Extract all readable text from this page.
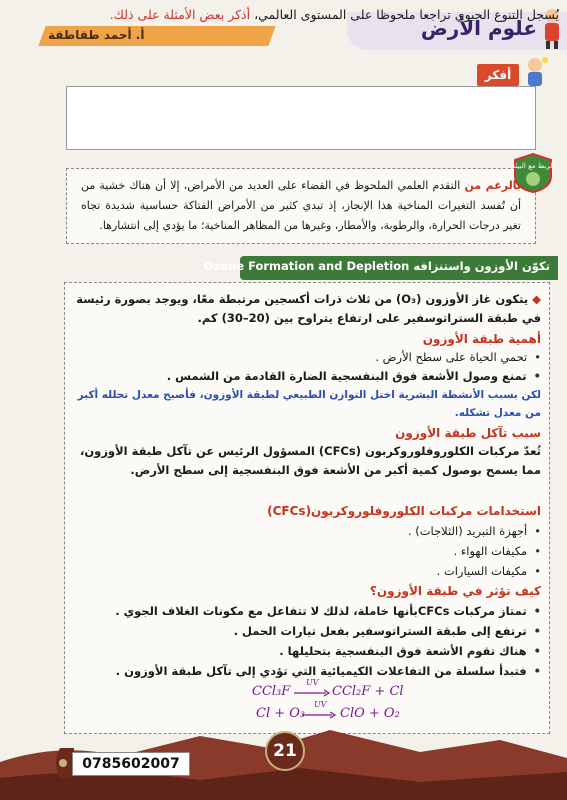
أ. أحمد طقاطقة	علوم الأرض
أفكر
يُسجل التنوع الحيوي تراجعا ملحوظا على المستوى العالمي، أذكر بعض الأمثلة على ذلك.
الربط مع البيئة
بالرغم من التقدم العلمي الملحوظ في القضاء على العديد من الأمراض، إلا أن هناك خشية من أن تُفسد التغيرات المناخية هذا الإنجاز، إذ تبدي كثير من الأمراض الفتاكة حساسية شديدة تجاه تغير درجات الحرارة، والرطوبة، والأمطار، وغيرها من المظاهر المناخية؛ ما يؤدي إلى انتشارها.
تكوّن الأوزون واستنزافه Ozone Formation and Depletion
◆ يتكون غاز الأوزون (O₃) من ثلاث ذرات أكسجين مرتبطة معًا، ويوجد بصورة رئيسة في طبقة الستراتوسفير على ارتفاع يتراوح بين (20–30) كم.
أهمية طبقة الأوزون
• تحمي الحياة على سطح الأرض .
• تمنع وصول الأشعة فوق البنفسجية الضارة القادمة من الشمس .
لكن بسبب الأنشطة البشرية اختل التوازن الطبيعي لطبقة الأوزون، فأصبح معدل تحلله أكبر من معدل تشكله.
سبب تآكل طبقة الأوزون
تُعدّ مركبات الكلوروفلوروكربون (CFCs) المسؤول الرئيس عن تآكل طبقة الأوزون، مما يسمح بوصول كمية أكبر من الأشعة فوق البنفسجية إلى سطح الأرض.
استخدامات مركبات الكلوروفلوروكربون(CFCs)
• أجهزة التبريد (الثلاجات) .
• مكيفات الهواء .
• مكيفات السيارات .
كيف تؤثر في طبقة الأوزون؟
• تمتاز مركبات CFCsبأنها خاملة، لذلك لا تتفاعل مع مكونات الغلاف الجوي .
• ترتفع إلى طبقة الستراتوسفير بفعل تيارات الحمل .
• هناك تقوم الأشعة فوق البنفسجية بتحليلها .
• فتبدأ سلسلة من التفاعلات الكيميائية التي تؤدي إلى تآكل طبقة الأوزون .
CCl₃F
UV
→ CCl₂F + Cl
Cl + O₃
UV
→ ClO + O₂
21
0785602007
